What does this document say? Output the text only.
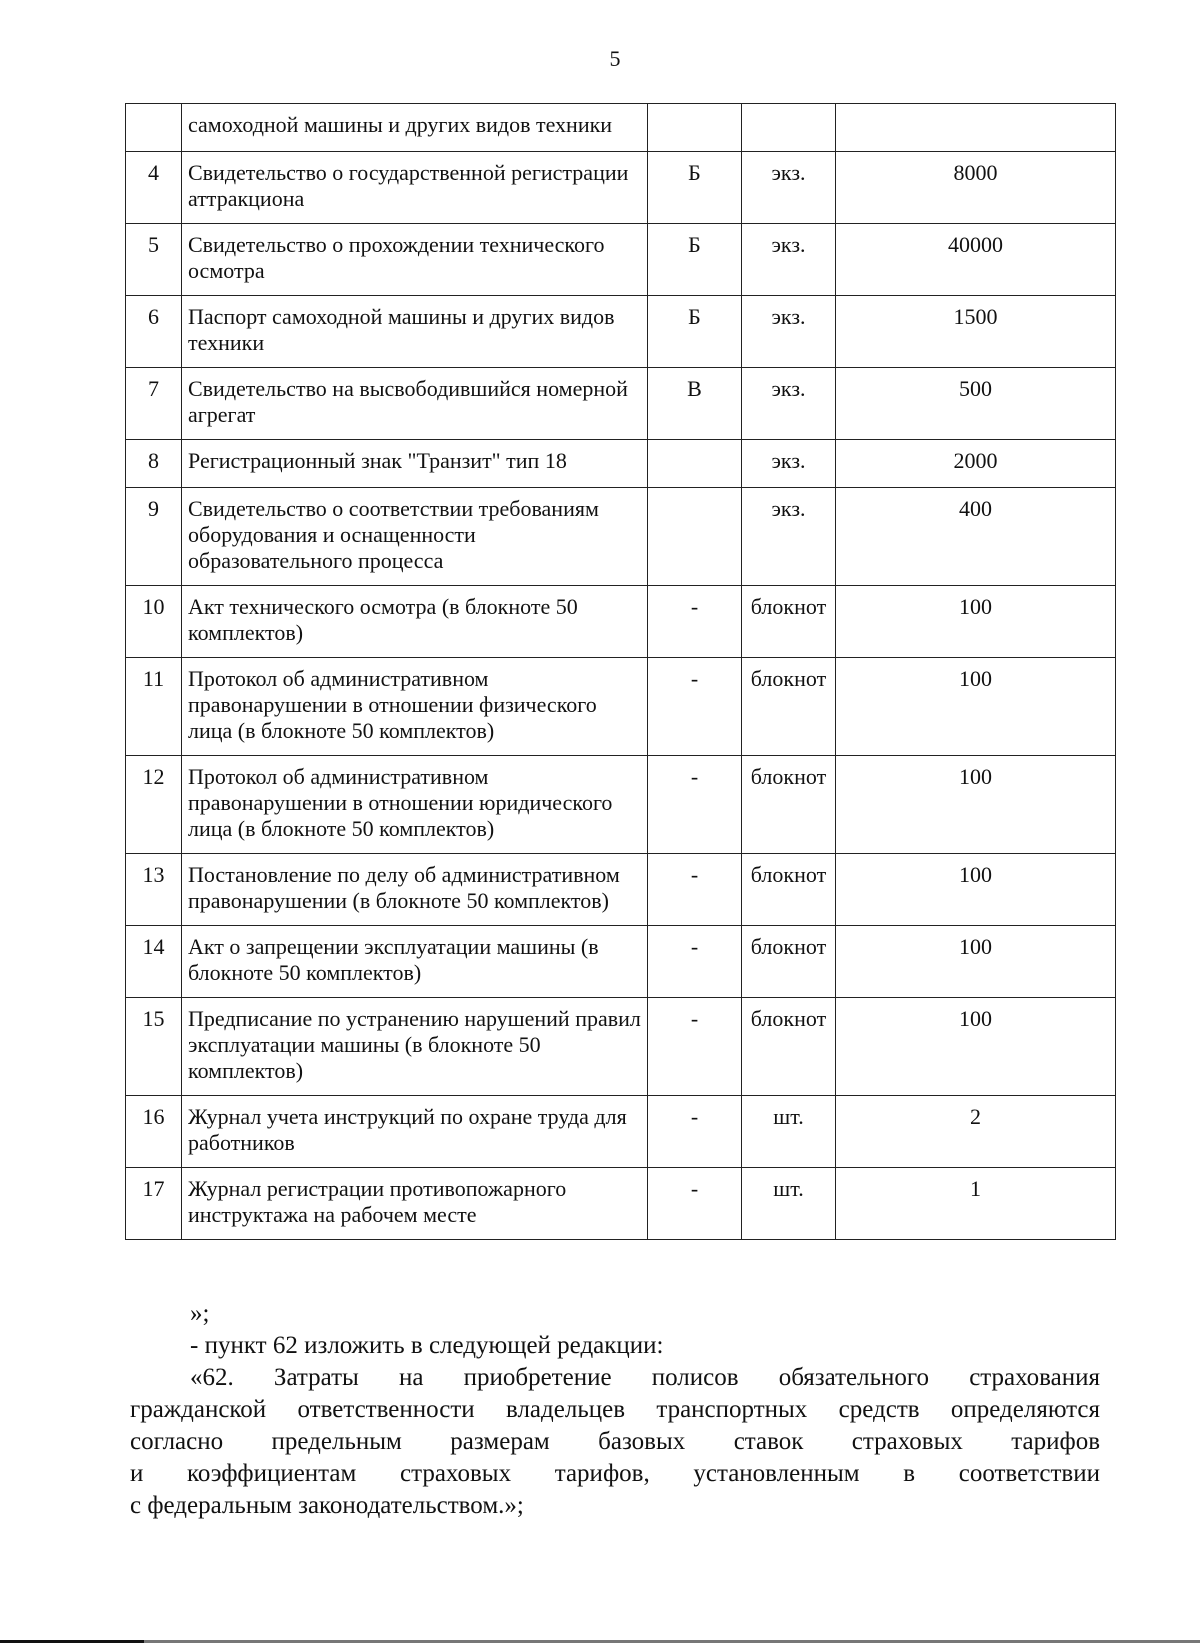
5
	самоходной машины и других видов техники			
4	Свидетельство о государственной регистрации аттракциона	Б	экз.	8000
5	Свидетельство о прохождении технического осмотра	Б	экз.	40000
6	Паспорт самоходной машины и других видов техники	Б	экз.	1500
7	Свидетельство на высвободившийся номерной агрегат	В	экз.	500
8	Регистрационный знак "Транзит" тип 18		экз.	2000
9	Свидетельство о соответствии требованиям оборудования и оснащенности образовательного процесса		экз.	400
10	Акт технического осмотра (в блокноте 50 комплектов)	-	блокнот	100
11	Протокол об административном правонарушении в отношении физического лица (в блокноте 50 комплектов)	-	блокнот	100
12	Протокол об административном правонарушении в отношении юридического лица (в блокноте 50 комплектов)	-	блокнот	100
13	Постановление по делу об административном правонарушении (в блокноте 50 комплектов)	-	блокнот	100
14	Акт о запрещении эксплуатации машины (в блокноте 50 комплектов)	-	блокнот	100
15	Предписание по устранению нарушений правил эксплуатации машины (в блокноте 50 комплектов)	-	блокнот	100
16	Журнал учета инструкций по охране труда для работников	-	шт.	2
17	Журнал регистрации противопожарного инструктажа на рабочем месте	-	шт.	1

»;

- пункт 62 изложить в следующей редакции:

«62. Затраты на приобретение полисов обязательного страхования

гражданской ответственности владельцев транспортных средств определяются

согласно предельным размерам базовых ставок страховых тарифов

и коэффициентам страховых тарифов, установленным в соответствии

с федеральным законодательством.»;
